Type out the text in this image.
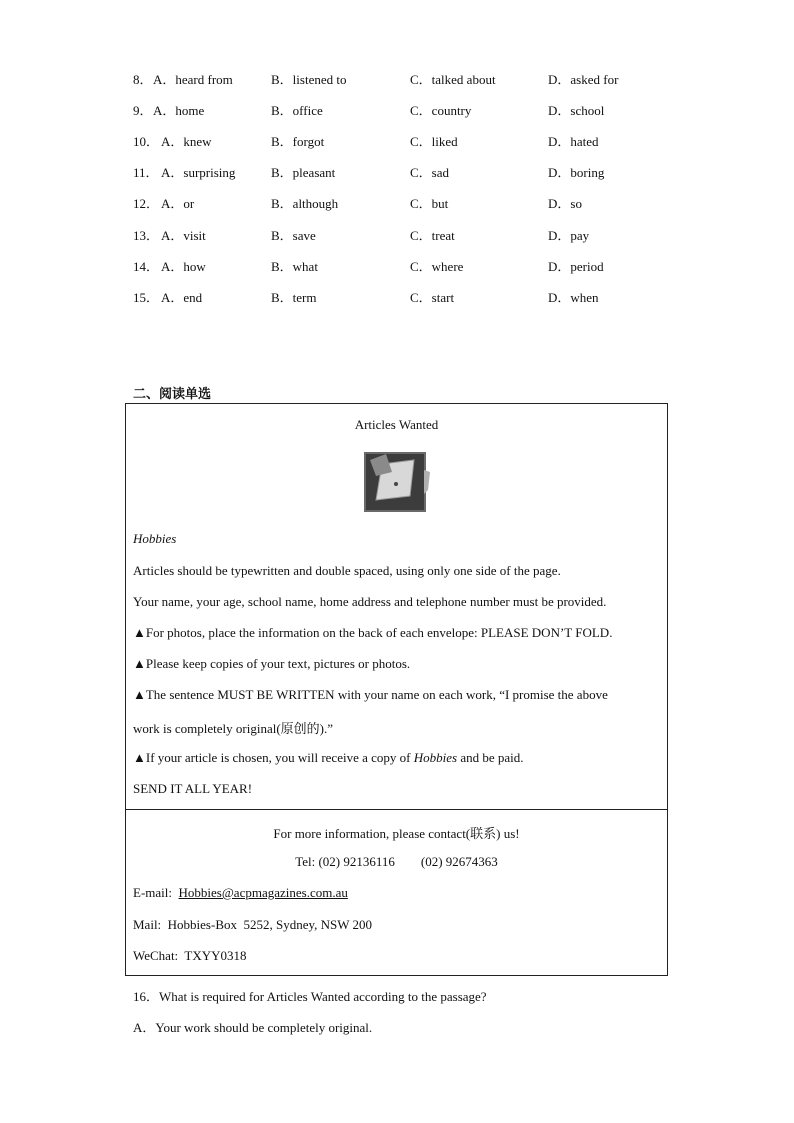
8． A．heard from	B．listened to	C．talked about	D．asked for
9． A．home	B．office	C．country	D．school
10． A．knew	B．forgot	C．liked	D．hated
11． A．surprising	B．pleasant	C．sad	D．boring
12． A．or	B．although	C．but	D．so
13． A．visit	B．save	C．treat	D．pay
14． A．how	B．what	C．where	D．period
15． A．end	B．term	C．start	D．when
二、阅读单选
Articles Wanted
Hobbies
Articles should be typewritten and double spaced, using only one side of the page.
Your name, your age, school name, home address and telephone number must be provided.
▲For photos, place the information on the back of each envelope: PLEASE DON’T FOLD.
▲Please keep copies of your text, pictures or photos.
▲The sentence MUST BE WRITTEN with your name on each work, “I promise the above
work is completely original(原创的).”
▲If your article is chosen, you will receive a copy of Hobbies and be paid.
SEND IT ALL YEAR!
For more information, please contact(联系) us!
Tel: (02) 92136116        (02) 92674363
E-mail:  Hobbies@acpmagazines.com.au
Mail:  Hobbies-Box  5252, Sydney, NSW 200
WeChat:  TXYY0318
16．What is required for Articles Wanted according to the passage?
A．Your work should be completely original.
